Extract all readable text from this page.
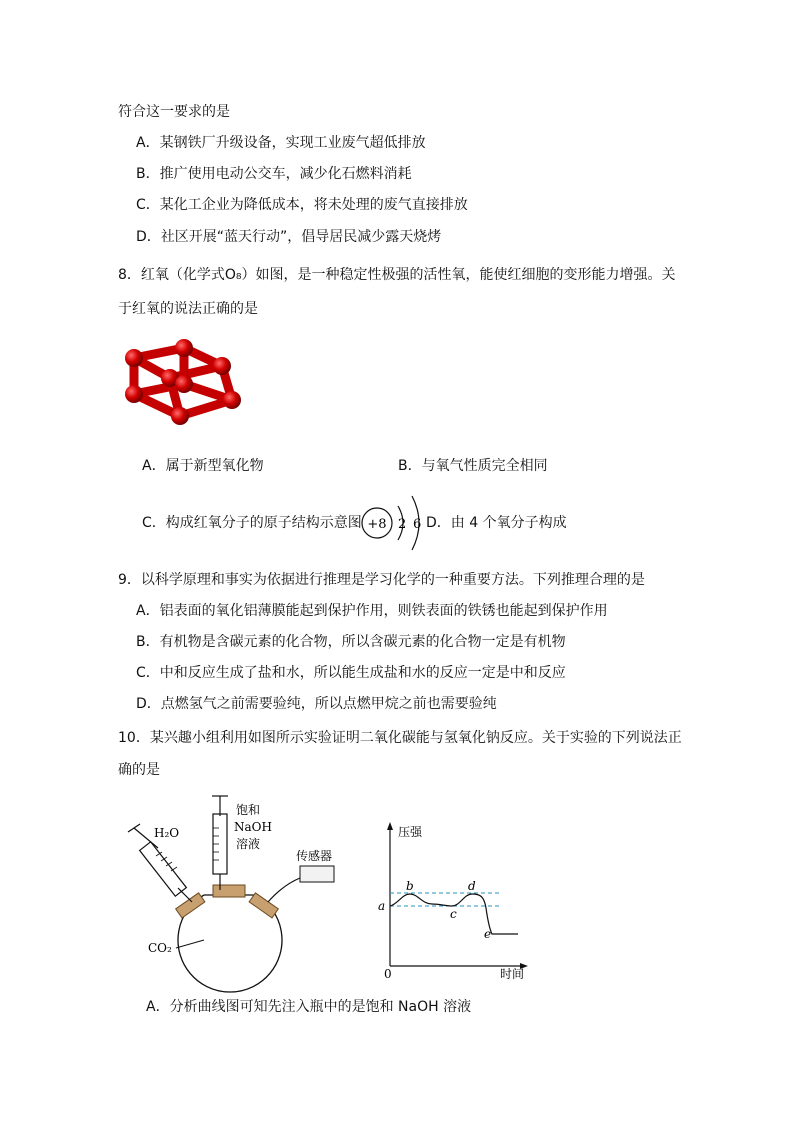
符合这一要求的是
A．某钢铁厂升级设备，实现工业废气超低排放
B．推广使用电动公交车，减少化石燃料消耗
C．某化工企业为降低成本，将未处理的废气直接排放
D．社区开展“蓝天行动”，倡导居民减少露天烧烤
8．红氧（化学式O₈）如图，是一种稳定性极强的活性氧，能使红细胞的变形能力增强。关
于红氧的说法正确的是
A．属于新型氧化物	B．与氧气性质完全相同
C．构成红氧分子的原子结构示意图 +8 2 6 D．由 4 个氧分子构成
9．以科学原理和事实为依据进行推理是学习化学的一种重要方法。下列推理合理的是
A．铝表面的氧化铝薄膜能起到保护作用，则铁表面的铁锈也能起到保护作用
B．有机物是含碳元素的化合物，所以含碳元素的化合物一定是有机物
C．中和反应生成了盐和水，所以能生成盐和水的反应一定是中和反应
D．点燃氢气之前需要验纯，所以点燃甲烷之前也需要验纯
10．某兴趣小组利用如图所示实验证明二氧化碳能与氢氧化钠反应。关于实验的下列说法正
确的是
H₂O
饱和
NaOH
溶液
传感器
CO₂
压强
时间
0
a
b
c
d
e
A．分析曲线图可知先注入瓶中的是饱和 NaOH 溶液
